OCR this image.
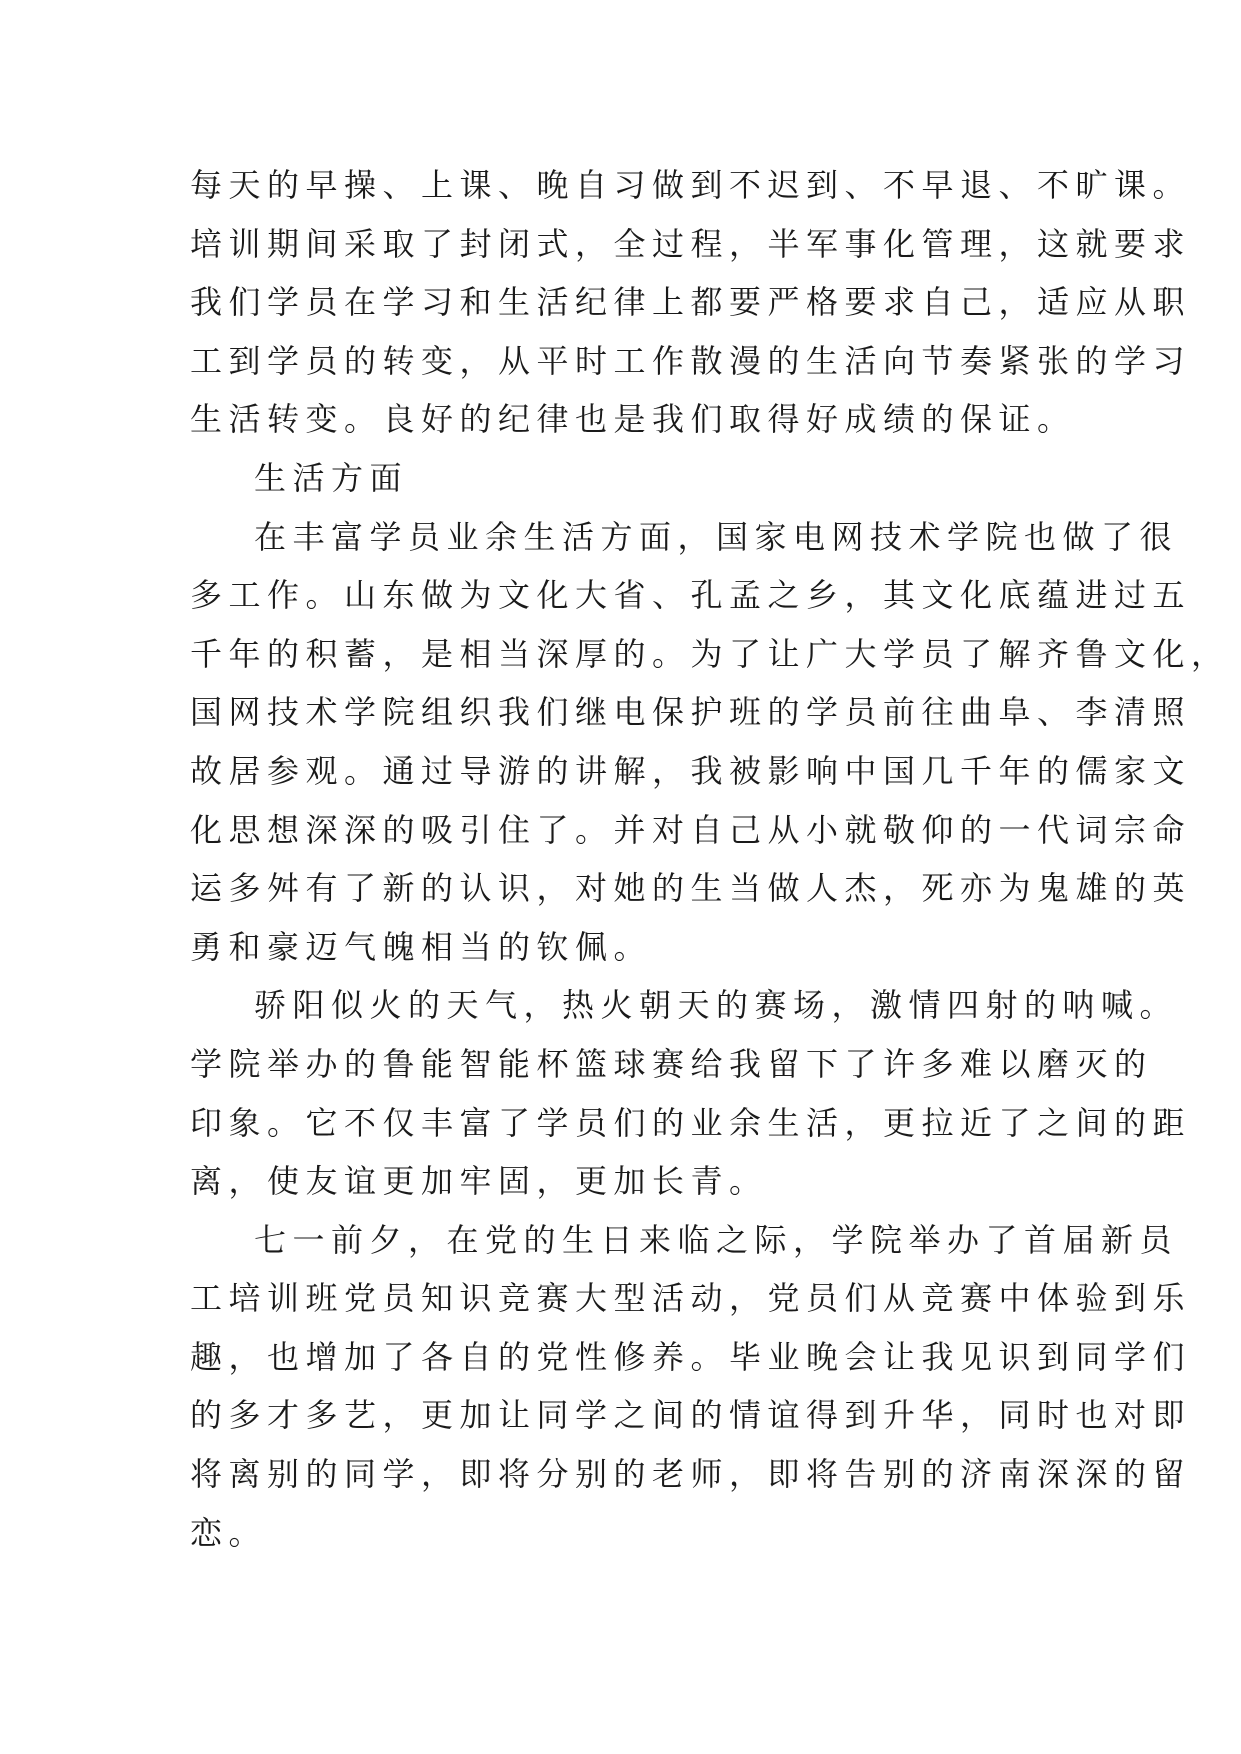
每天的早操、上课、晚自习做到不迟到、不早退、不旷课。
培训期间采取了封闭式，全过程，半军事化管理，这就要求
我们学员在学习和生活纪律上都要严格要求自己，适应从职
工到学员的转变，从平时工作散漫的生活向节奏紧张的学习
生活转变。良好的纪律也是我们取得好成绩的保证。

生活方面

在丰富学员业余生活方面，国家电网技术学院也做了很
多工作。山东做为文化大省、孔孟之乡，其文化底蕴进过五
千年的积蓄，是相当深厚的。为了让广大学员了解齐鲁文化，
国网技术学院组织我们继电保护班的学员前往曲阜、李清照
故居参观。通过导游的讲解，我被影响中国几千年的儒家文
化思想深深的吸引住了。并对自己从小就敬仰的一代词宗命
运多舛有了新的认识，对她的生当做人杰，死亦为鬼雄的英
勇和豪迈气魄相当的钦佩。

骄阳似火的天气，热火朝天的赛场，激情四射的呐喊。
学院举办的鲁能智能杯篮球赛给我留下了许多难以磨灭的
印象。它不仅丰富了学员们的业余生活，更拉近了之间的距
离，使友谊更加牢固，更加长青。

七一前夕，在党的生日来临之际，学院举办了首届新员
工培训班党员知识竞赛大型活动，党员们从竞赛中体验到乐
趣，也增加了各自的党性修养。毕业晚会让我见识到同学们
的多才多艺，更加让同学之间的情谊得到升华，同时也对即
将离别的同学，即将分别的老师，即将告别的济南深深的留
恋。
